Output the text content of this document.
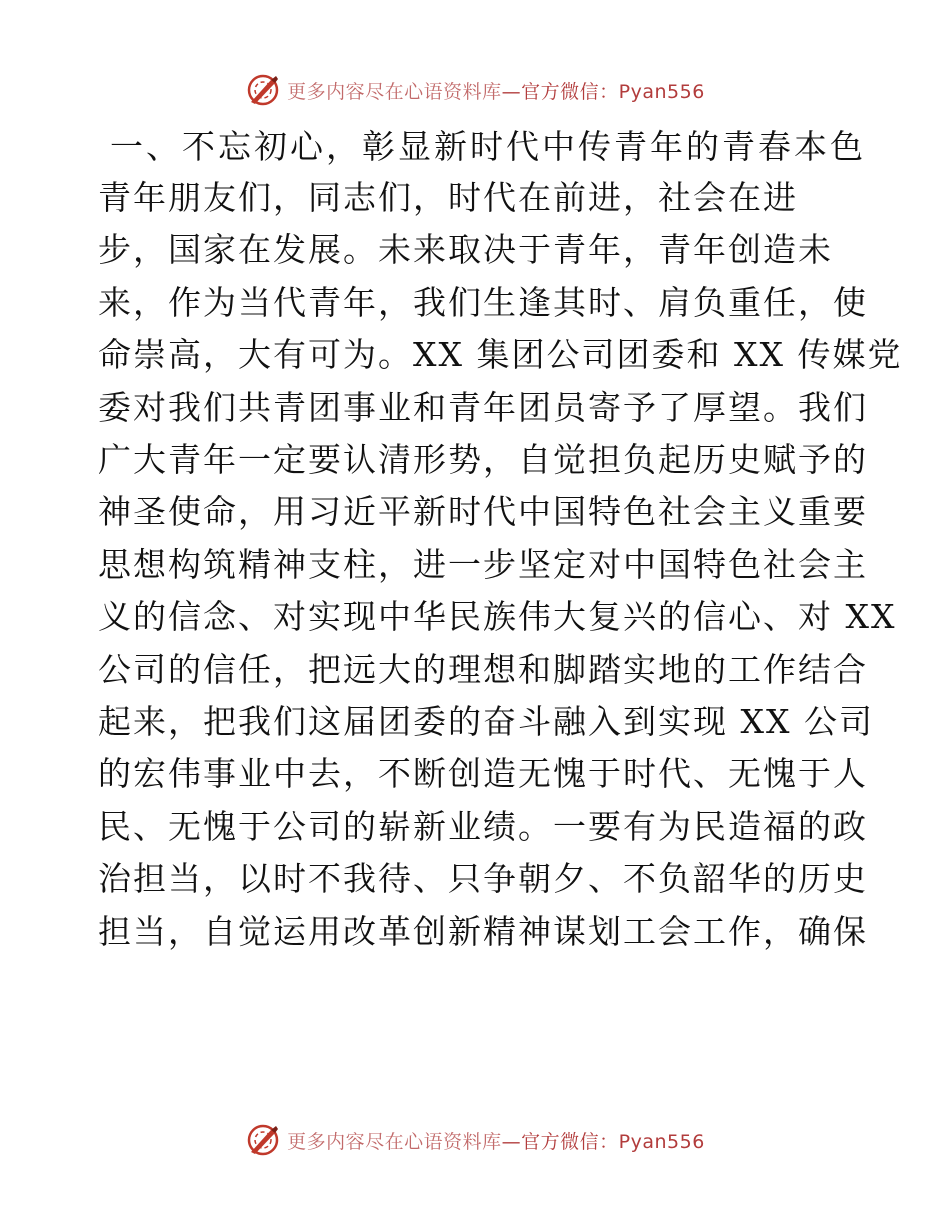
更多内容尽在心语资料库—官方微信：Pyan556
一、不忘初心，彰显新时代中传青年的青春本色
青年朋友们，同志们，时代在前进，社会在进
步，国家在发展。未来取决于青年，青年创造未
来，作为当代青年，我们生逢其时、肩负重任，使
命崇高，大有可为。XX 集团公司团委和 XX 传媒党
委对我们共青团事业和青年团员寄予了厚望。我们
广大青年一定要认清形势，自觉担负起历史赋予的
神圣使命，用习近平新时代中国特色社会主义重要
思想构筑精神支柱，进一步坚定对中国特色社会主
义的信念、对实现中华民族伟大复兴的信心、对 XX
公司的信任，把远大的理想和脚踏实地的工作结合
起来，把我们这届团委的奋斗融入到实现 XX 公司
的宏伟事业中去，不断创造无愧于时代、无愧于人
民、无愧于公司的崭新业绩。一要有为民造福的政
治担当，以时不我待、只争朝夕、不负韶华的历史
担当，自觉运用改革创新精神谋划工会工作，确保
更多内容尽在心语资料库—官方微信：Pyan556
